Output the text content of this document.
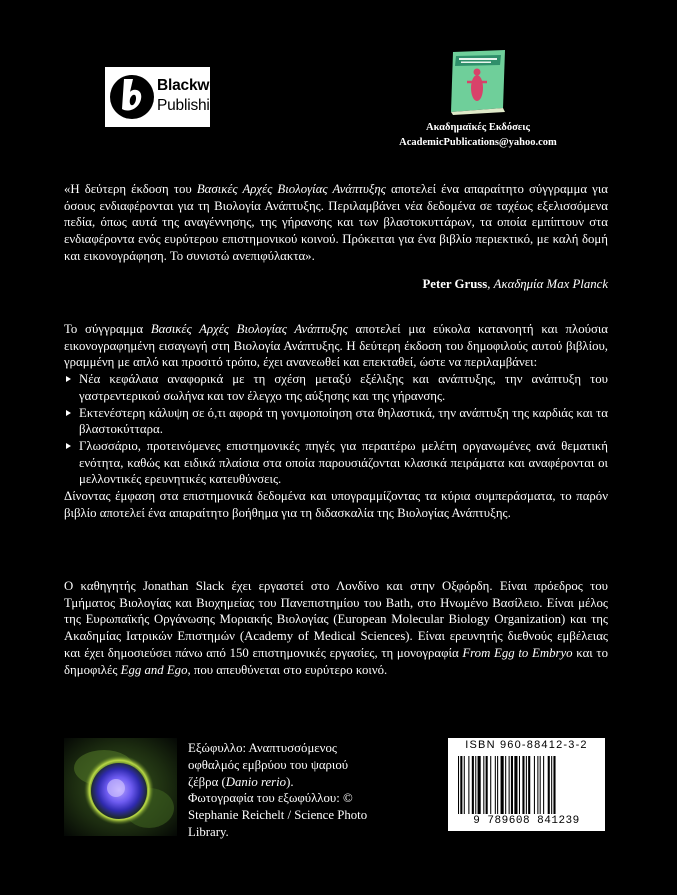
Blackwell
Publishing
Ακαδημαϊκές Εκδόσεις
AcademicPublications@yahoo.com
«Η δεύτερη έκδοση του Βασικές Αρχές Βιολογίας Ανάπτυξης αποτελεί ένα απαραίτητο σύγγραμμα για όσους ενδιαφέρονται για τη Βιολογία Ανάπτυξης. Περιλαμβάνει νέα δεδομένα σε ταχέως εξελισσόμενα πεδία, όπως αυτά της αναγέννησης, της γήρανσης και των βλαστοκυττάρων, τα οποία εμπίπτουν στα ενδιαφέροντα ενός ευρύτερου επιστημονικού κοινού. Πρόκειται για ένα βιβλίο περιεκτικό, με καλή δομή και εικονογράφηση. Το συνιστώ ανεπιφύλακτα».
Peter Gruss, Ακαδημία Max Planck
Το σύγγραμμα Βασικές Αρχές Βιολογίας Ανάπτυξης αποτελεί μια εύκολα κατανοητή και πλούσια εικονογραφημένη εισαγωγή στη Βιολογία Ανάπτυξης. Η δεύτερη έκδοση του δημοφιλούς αυτού βιβλίου, γραμμένη με απλό και προσιτό τρόπο, έχει ανανεωθεί και επεκταθεί, ώστε να περιλαμβάνει:
Νέα κεφάλαια αναφορικά με τη σχέση μεταξύ εξέλιξης και ανάπτυξης, την ανάπτυξη του γαστρεντερικού σωλήνα και τον έλεγχο της αύξησης και της γήρανσης.
Εκτενέστερη κάλυψη σε ό,τι αφορά τη γονιμοποίηση στα θηλαστικά, την ανάπτυξη της καρδιάς και τα βλαστοκύτταρα.
Γλωσσάριο, προτεινόμενες επιστημονικές πηγές για περαιτέρω μελέτη οργανωμένες ανά θεματική ενότητα, καθώς και ειδικά πλαίσια στα οποία παρουσιάζονται κλασικά πειράματα και αναφέρονται οι μελλοντικές ερευνητικές κατευθύνσεις.
Δίνοντας έμφαση στα επιστημονικά δεδομένα και υπογραμμίζοντας τα κύρια συμπεράσματα, το παρόν βιβλίο αποτελεί ένα απαραίτητο βοήθημα για τη διδασκαλία της Βιολογίας Ανάπτυξης.
Ο καθηγητής Jonathan Slack έχει εργαστεί στο Λονδίνο και στην Οξφόρδη. Είναι πρόεδρος του Τμήματος Βιολογίας και Βιοχημείας του Πανεπιστημίου του Bath, στο Ηνωμένο Βασίλειο. Είναι μέλος της Ευρωπαϊκής Οργάνωσης Μοριακής Βιολογίας (European Molecular Biology Organization) και της Ακαδημίας Ιατρικών Επιστημών (Academy of Medical Sciences). Είναι ερευνητής διεθνούς εμβέλειας και έχει δημοσιεύσει πάνω από 150 επιστημονικές εργασίες, τη μονογραφία From Egg to Embryo και το δημοφιλές Egg and Ego, που απευθύνεται στο ευρύτερο κοινό.
Εξώφυλλο: Αναπτυσσόμενος οφθαλμός εμβρύου του ψαριού ζέβρα (Danio rerio).
Φωτογραφία του εξωφύλλου: © Stephanie Reichelt / Science Photo Library.
ISBN 960-88412-3-2
9 789608 841239
